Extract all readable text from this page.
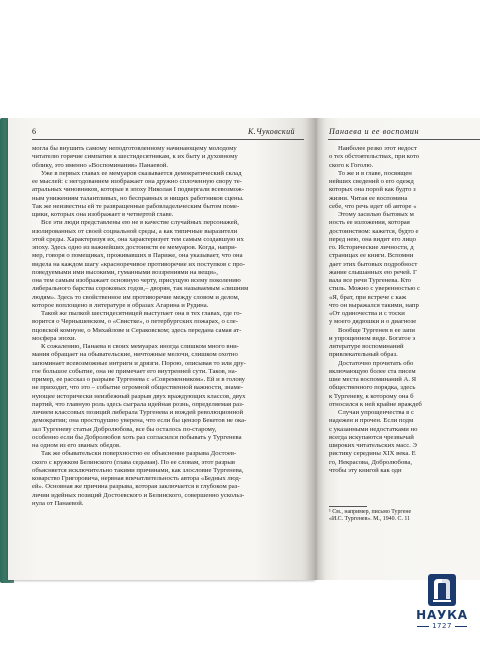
6	К.Чуковский
могла бы внушить самому неподготовленному начинающему молодому
читателю горячие симпатии к шестидесятникам, к их быту и духовному
облику, это именно «Воспоминания» Панаевой.
Уже в первых главах ее мемуаров сказывается демократический склад
ее мыслей: с негодованием изображает она дружно сплоченную свору те-
атральных чиновников, которые в эпоху Николая I подвергали всевозмож-
ным унижениям талантливых, но бесправных и нищих работников сцены.
Так же неизвестны ей те развращенные рабовладельческим бытом поме-
щики, которых она изображает в четвертой главе.
Все эти люди представлены ею не в качестве случайных персонажей,
изолированных от своей социальной среды, а как типичные выразители
этой среды. Характеризуя их, она характеризует тем самым создавшую их
эпоху. Здесь одно из важнейших достоинств ее мемуаров. Когда, напри-
мер, говоря о помещиках, проживавших в Париже, она указывает, что она
видела на каждом шагу «красноречивое противоречие их поступков с про-
поведуемыми ими высокими, гуманными воззрениями на вещи»,
она тем самым изображает основную черту, присущую всему поколению
либерального барства сороковых годов,– дворян, так называемым «лишним
людям». Здесь то свойственное им противоречие между словом и делом,
которое воплощено в литературе в образах Агарина и Рудина.
Такой же пылкой шестидесятницей выступает она в тех главах, где го-
ворится о Чернышевском, о «Свистке», о петербургских пожарах, о сле-
пцовской комнуне, о Михайлове и Сераковском; здесь передана самая ат-
мосфера эпохи.
К сожалению, Панаева в своих мемуарах иногда слишком много вни-
мания обращает на обывательские, ничтожные мелочи, слишком охотно
запоминает всевозможные интриги и дрязги. Порою, описывая то или дру-
гое большое событие, она не примечает его внутренней сути. Таков, на-
пример, ее рассказ о разрыве Тургенева с «Современником». Ей и в голову
не приходит, что это – событие огромной общественной важности, знаме-
нующее исторически неизбежный разрыв двух враждующих классов, двух
партий, что главную роль здесь сыграла идейная рознь, определяемая раз-
личием классовых позиций либерала Тургенева и вождей революционной
демократии; она простодушно уверена, что если бы цензор Бекетов не ока-
зал Тургеневу статьи Добролюбова, все бы осталось по-старому,
особенно если бы Добролюбов хоть раз согласился побывать у Тургенева
на одном из его званых обедов.
Так же обывательски поверхностно ее объяснение разрыва Достоев-
ского с кружком Белинского (глава седьмая). По ее словам, этот разрыв
объясняется исключительно такими причинами, как злословие Тургенева,
коварство Григоровича, нервная впечатлительность автора «Бедных люд-
ей». Основная же причина разрыва, которая заключается в глубоком раз-
личии идейных позиций Достоевского и Белинского, совершенно ускольз-
нула от Панаевой.
Панаева и ее воспомин
Наиболее резко этот недост
о тех обстоятельствах, при кото
ского к Гоголю.
То же и в главе, посвящен
нейших сведений о его одежд
которых она порой как будто з
жизни. Читая ее воспомина
себе, что речь идет об авторе «
Этому засилью бытовых м
ность ее изложения, которая
достоинством: кажется, будто е
перед нею, она видит его лицо
го. Исторические личности, д
страницах ее книги. Вспомни
дает этих бытовых подробност
жание слышанных ею речей. Г
вала все речи Тургенева. Кто
стиль. Можно с уверенностью с
«Я, брат, при встрече с каж
что он выражался такими, напр
«От одиночества и с тоски
у моего дядюшки и о диагнозе
Вообще Тургенев в ее запи
и упрощенном виде. Богатое э
литературе воспоминаний
привлекательный образ.
Достаточно прочитать обо
включающую более ста писем
шие места воспоминаний А. Я
общественного порядка, здесь
к Тургеневу, к которому она б
относился к ней крайне враждеб
Случаи упрощенчества в с
надежен и прочен. Если подм
с указанными недостатками но
всегда искупаются чрезвычай
широких читательских масс. Э
ристику середины XIX века. Е
го, Некрасова, Добролюбова,
чтобы эту книгой как одн
¹ См., например, письмо Тургене
«И.С. Тургенев». М., 1940. С. 11
НАУКА
1727
